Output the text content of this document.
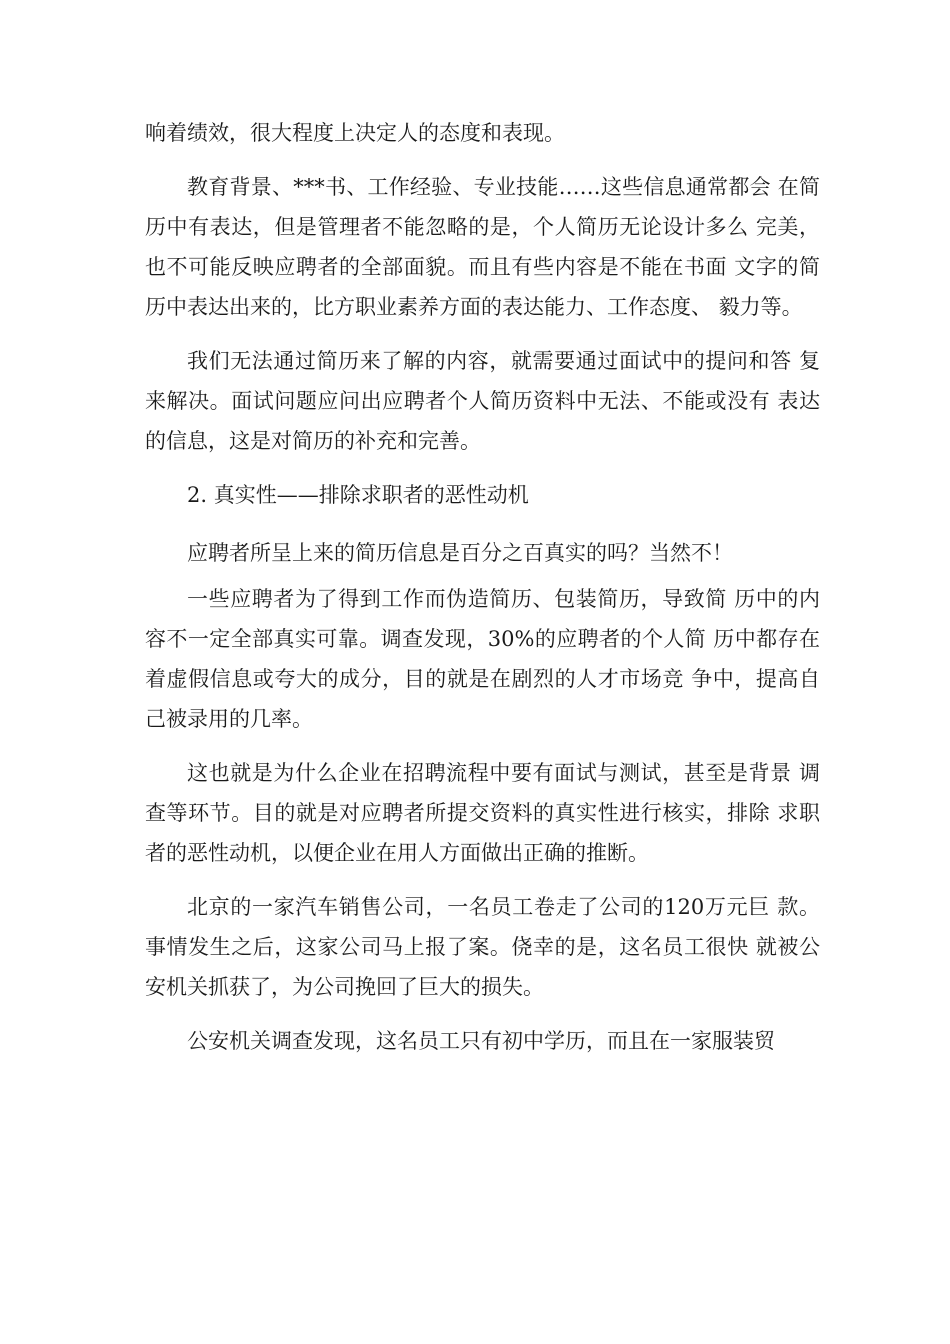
响着绩效，很大程度上决定人的态度和表现。

教育背景、***书、工作经验、专业技能……这些信息通常都会 在简历中有表达，但是管理者不能忽略的是，个人简历无论设计多么 完美，也不可能反映应聘者的全部面貌。而且有些内容是不能在书面 文字的简历中表达出来的，比方职业素养方面的表达能力、工作态度、 毅力等。

我们无法通过简历来了解的内容，就需要通过面试中的提问和答 复来解决。面试问题应问出应聘者个人简历资料中无法、不能或没有 表达的信息，这是对简历的补充和完善。

2. 真实性——排除求职者的恶性动机

应聘者所呈上来的简历信息是百分之百真实的吗？当然不！

一些应聘者为了得到工作而伪造简历、包装简历，导致简 历中的内容不一定全部真实可靠。调查发现，30%的应聘者的个人简 历中都存在着虚假信息或夸大的成分，目的就是在剧烈的人才市场竞 争中，提高自己被录用的几率。

这也就是为什么企业在招聘流程中要有面试与测试，甚至是背景 调查等环节。目的就是对应聘者所提交资料的真实性进行核实，排除 求职者的恶性动机，以便企业在用人方面做出正确的推断。

北京的一家汽车销售公司，一名员工卷走了公司的120万元巨 款。事情发生之后，这家公司马上报了案。侥幸的是，这名员工很快 就被公安机关抓获了，为公司挽回了巨大的损失。

公安机关调查发现，这名员工只有初中学历，而且在一家服装贸
